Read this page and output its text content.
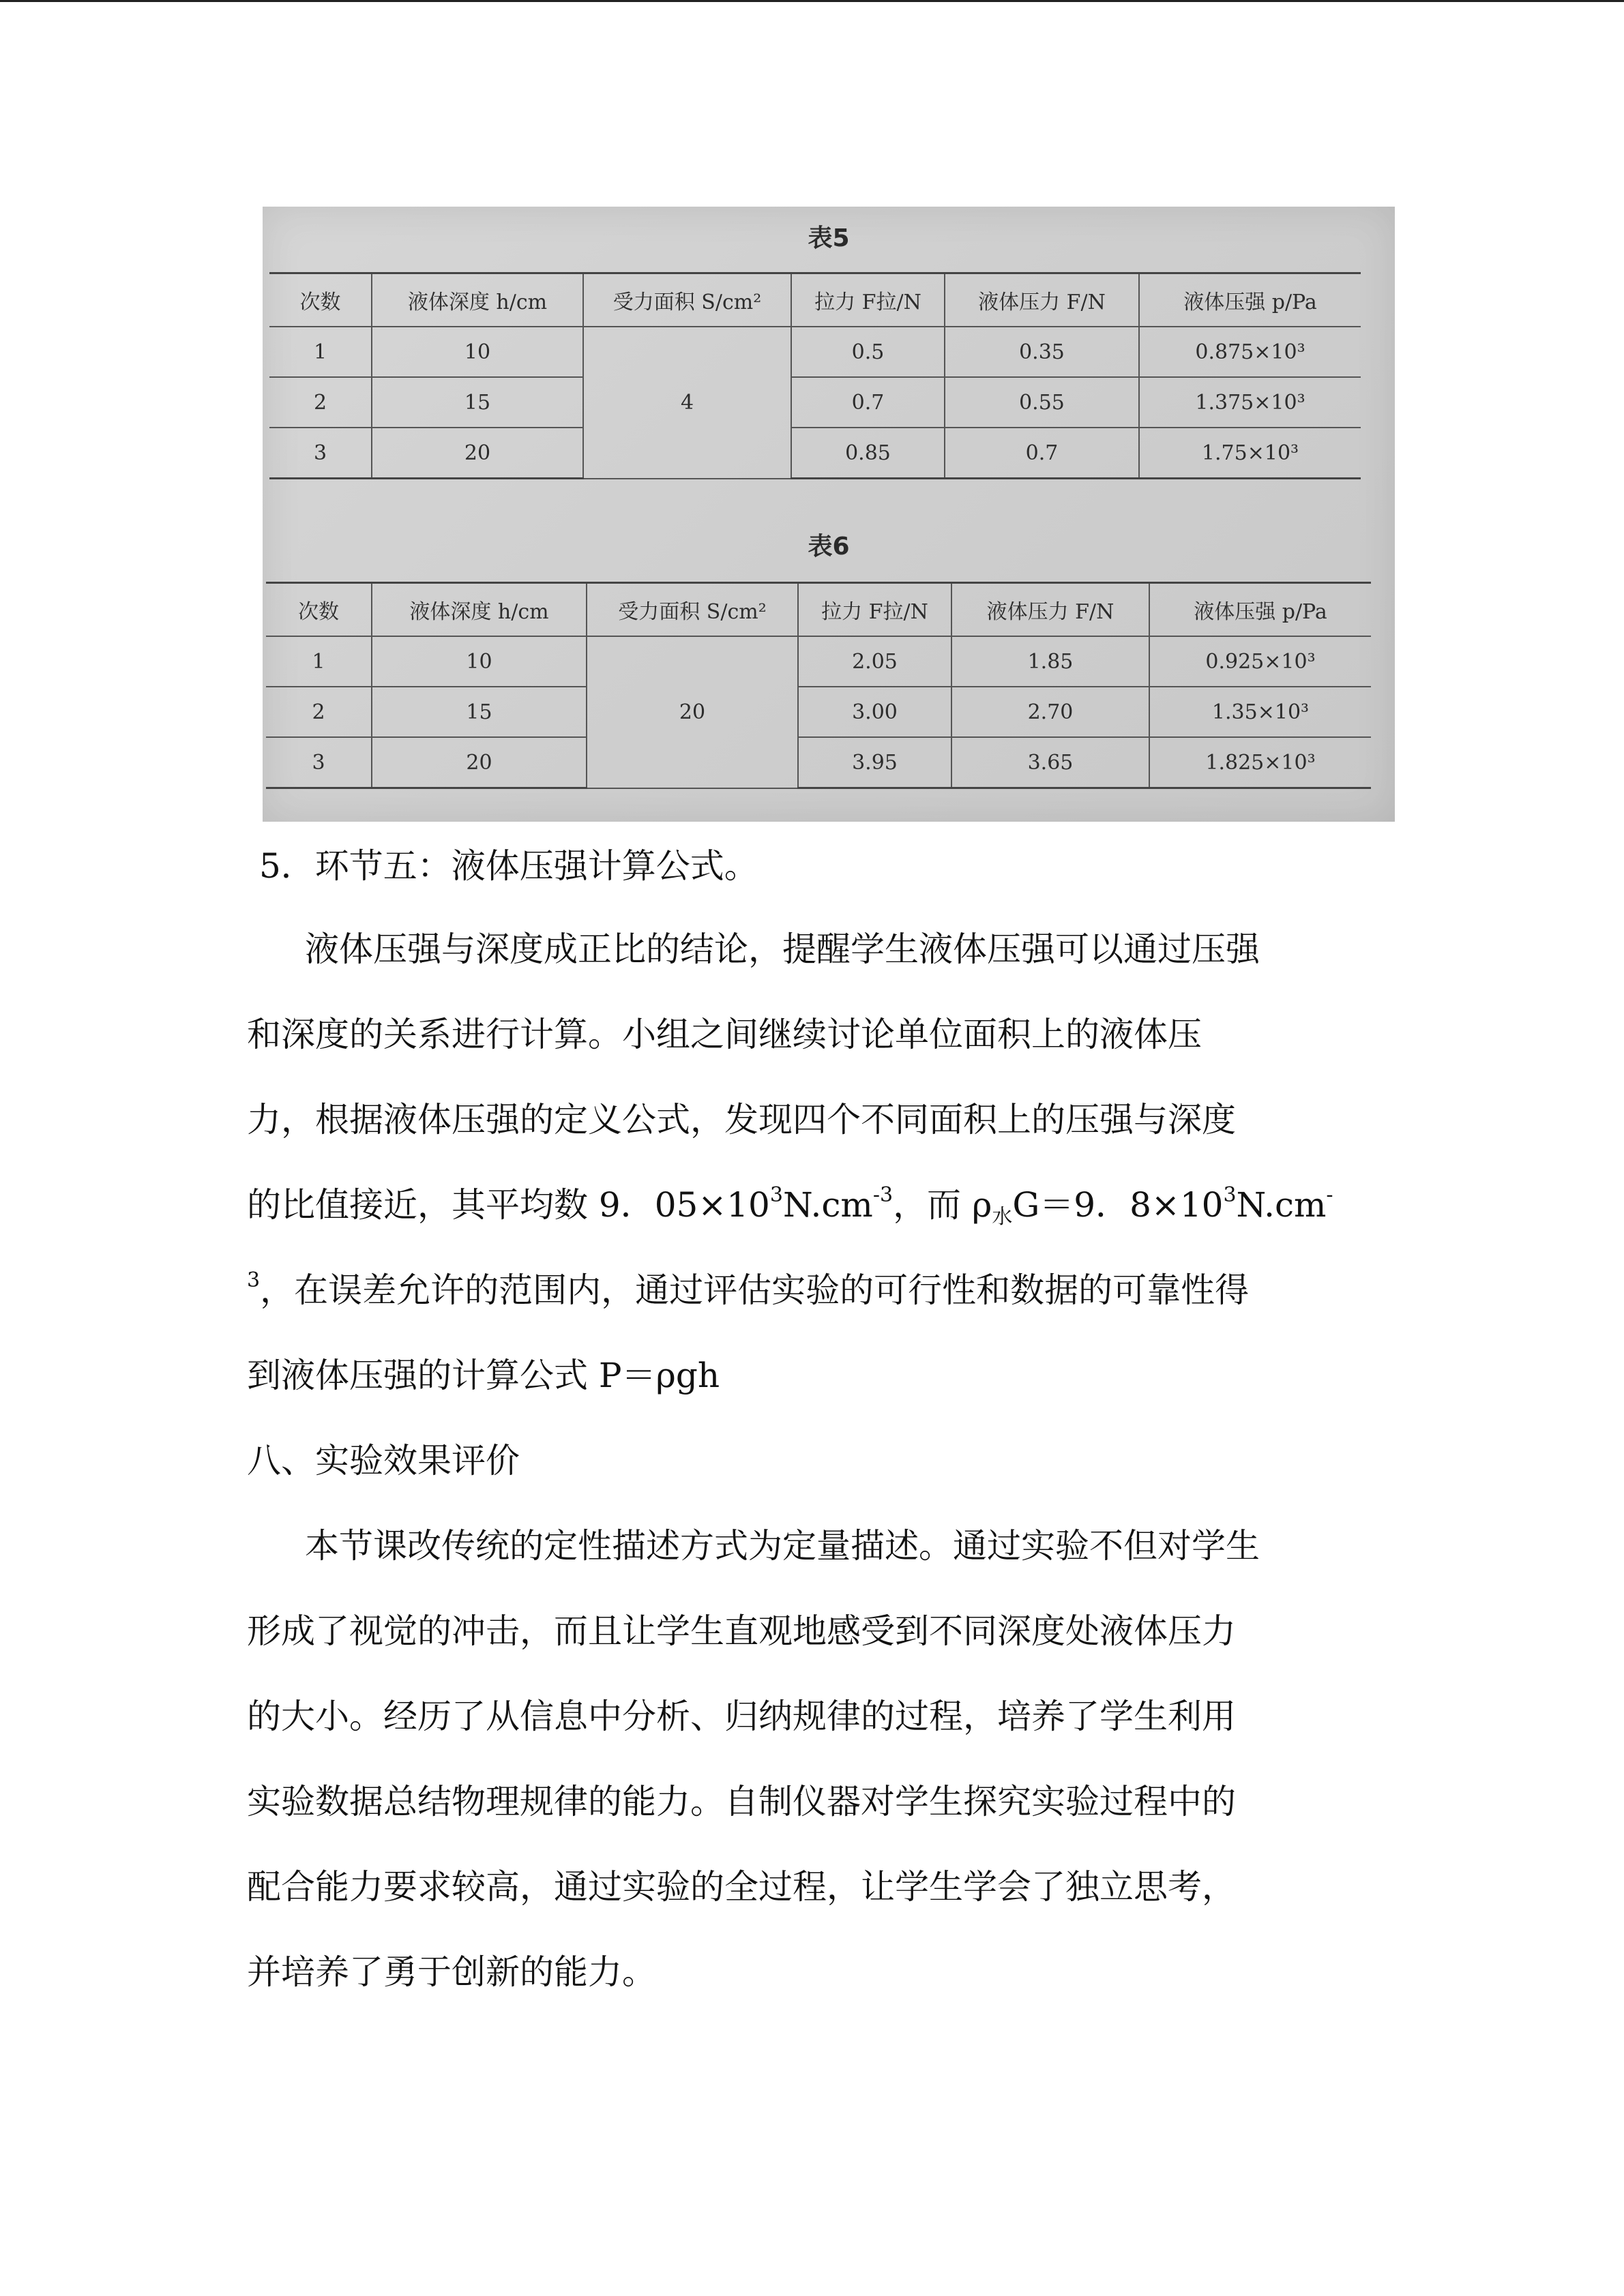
表5
次数	液体深度 h/cm	受力面积 S/cm²	拉力 F拉/N	液体压力 F/N	液体压强 p/Pa
1	10	4	0.5	0.35	0.875×10³
2	15		0.7	0.55	1.375×10³
3	20		0.85	0.7	1.75×10³
表6
次数	液体深度 h/cm	受力面积 S/cm²	拉力 F拉/N	液体压力 F/N	液体压强 p/Pa
1	10	20	2.05	1.85	0.925×10³
2	15		3.00	2.70	1.35×10³
3	20		3.95	3.65	1.825×10³
5．环节五：液体压强计算公式。
液体压强与深度成正比的结论，提醒学生液体压强可以通过压强
和深度的关系进行计算。小组之间继续讨论单位面积上的液体压
力，根据液体压强的定义公式，发现四个不同面积上的压强与深度
的比值接近，其平均数 9．$05\times 10^3N.cm^{-3}$，而 $\rho_水G=9$．$8\times 10^3N.cm^-$
$^3$，在误差允许的范围内，通过评估实验的可行性和数据的可靠性得
到液体压强的计算公式 P＝ρgh
八、实验效果评价
本节课改传统的定性描述方式为定量描述。通过实验不但对学生
形成了视觉的冲击，而且让学生直观地感受到不同深度处液体压力
的大小。经历了从信息中分析、归纳规律的过程，培养了学生利用
实验数据总结物理规律的能力。自制仪器对学生探究实验过程中的
配合能力要求较高，通过实验的全过程，让学生学会了独立思考，
并培养了勇于创新的能力。
